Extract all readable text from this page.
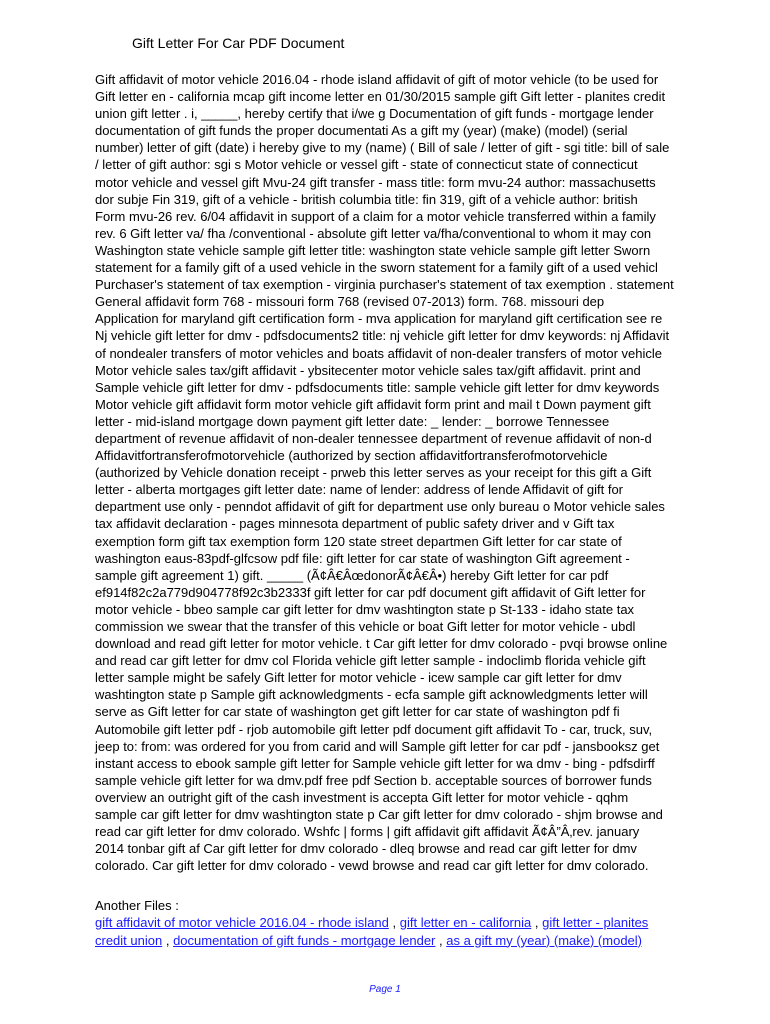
Gift Letter For Car PDF Document
Gift affidavit of motor vehicle 2016.04 - rhode island affidavit of gift of motor vehicle (to be used for
Gift letter en - california mcap gift income letter en 01/30/2015 sample gift Gift letter - planites credit
union gift letter . i, _____, hereby certify that i/we g Documentation of gift funds - mortgage lender
documentation of gift funds the proper documentati As a gift my (year) (make) (model) (serial
number) letter of gift (date) i hereby give to my (name) ( Bill of sale / letter of gift - sgi title: bill of sale
/ letter of gift author: sgi s Motor vehicle or vessel gift - state of connecticut state of connecticut
motor vehicle and vessel gift Mvu-24 gift transfer - mass title: form mvu-24 author: massachusetts
dor subje Fin 319, gift of a vehicle - british columbia title: fin 319, gift of a vehicle author: british
Form mvu-26 rev. 6/04 affidavit in support of a claim for a motor vehicle transferred within a family
rev. 6 Gift letter va/ fha /conventional - absolute gift letter va/fha/conventional to whom it may con
Washington state vehicle sample gift letter title: washington state vehicle sample gift letter Sworn
statement for a family gift of a used vehicle in the sworn statement for a family gift of a used vehicl
Purchaser's statement of tax exemption - virginia purchaser's statement of tax exemption . statement
General affidavit form 768 - missouri form 768 (revised 07-2013) form. 768. missouri dep
Application for maryland gift certification form - mva application for maryland gift certification see re
Nj vehicle gift letter for dmv - pdfsdocuments2 title: nj vehicle gift letter for dmv keywords: nj Affidavit
of nondealer transfers of motor vehicles and boats affidavit of non-dealer transfers of motor vehicle
Motor vehicle sales tax/gift affidavit - ybsitecenter motor vehicle sales tax/gift affidavit. print and
Sample vehicle gift letter for dmv - pdfsdocuments title: sample vehicle gift letter for dmv keywords
Motor vehicle gift affidavit form motor vehicle gift affidavit form print and mail t Down payment gift
letter - mid-island mortgage down payment gift letter date: _ lender: _ borrowe Tennessee
department of revenue affidavit of non-dealer tennessee department of revenue affidavit of non-d
Affidavitfortransferofmotorvehicle (authorized by section affidavitfortransferofmotorvehicle
(authorized by Vehicle donation receipt - prweb this letter serves as your receipt for this gift a Gift
letter - alberta mortgages gift letter date: name of lender: address of lende Affidavit of gift for
department use only - penndot affidavit of gift for department use only bureau o Motor vehicle sales
tax affidavit declaration - pages minnesota department of public safety driver and v Gift tax
exemption form gift tax exemption form 120 state street departmen Gift letter for car state of
washington eaus-83pdf-glfcsow pdf file: gift letter for car state of washington Gift agreement -
sample gift agreement 1) gift. _____ (Ã¢Â€ÂœdonorÃ¢Â€Â•) hereby Gift letter for car pdf
ef914f82c2a779d904778f92c3b2333f gift letter for car pdf document gift affidavit of Gift letter for
motor vehicle - bbeo sample car gift letter for dmv washtington state p St-133 - idaho state tax
commission we swear that the transfer of this vehicle or boat Gift letter for motor vehicle - ubdl
download and read gift letter for motor vehicle. t Car gift letter for dmv colorado - pvqi browse online
and read car gift letter for dmv col Florida vehicle gift letter sample - indoclimb florida vehicle gift
letter sample might be safely Gift letter for motor vehicle - icew sample car gift letter for dmv
washtington state p Sample gift acknowledgments - ecfa sample gift acknowledgments letter will
serve as Gift letter for car state of washington get gift letter for car state of washington pdf fi
Automobile gift letter pdf - rjob automobile gift letter pdf document gift affidavit To - car, truck, suv,
jeep to: from: was ordered for you from carid and will Sample gift letter for car pdf - jansbooksz get
instant access to ebook sample gift letter for Sample vehicle gift letter for wa dmv - bing - pdfsdirff
sample vehicle gift letter for wa dmv.pdf free pdf Section b. acceptable sources of borrower funds
overview an outright gift of the cash investment is accepta Gift letter for motor vehicle - qqhm
sample car gift letter for dmv washtington state p Car gift letter for dmv colorado - shjm browse and
read car gift letter for dmv colorado. Wshfc | forms | gift affidavit gift affidavit Ã¢Â”Â‚rev. january
2014 tonbar gift af Car gift letter for dmv colorado - dleq browse and read car gift letter for dmv
colorado. Car gift letter for dmv colorado - vewd browse and read car gift letter for dmv colorado.
Another Files :
gift affidavit of motor vehicle 2016.04 - rhode island , gift letter en - california , gift letter - planites
credit union , documentation of gift funds - mortgage lender , as a gift my (year) (make) (model)
Page 1
